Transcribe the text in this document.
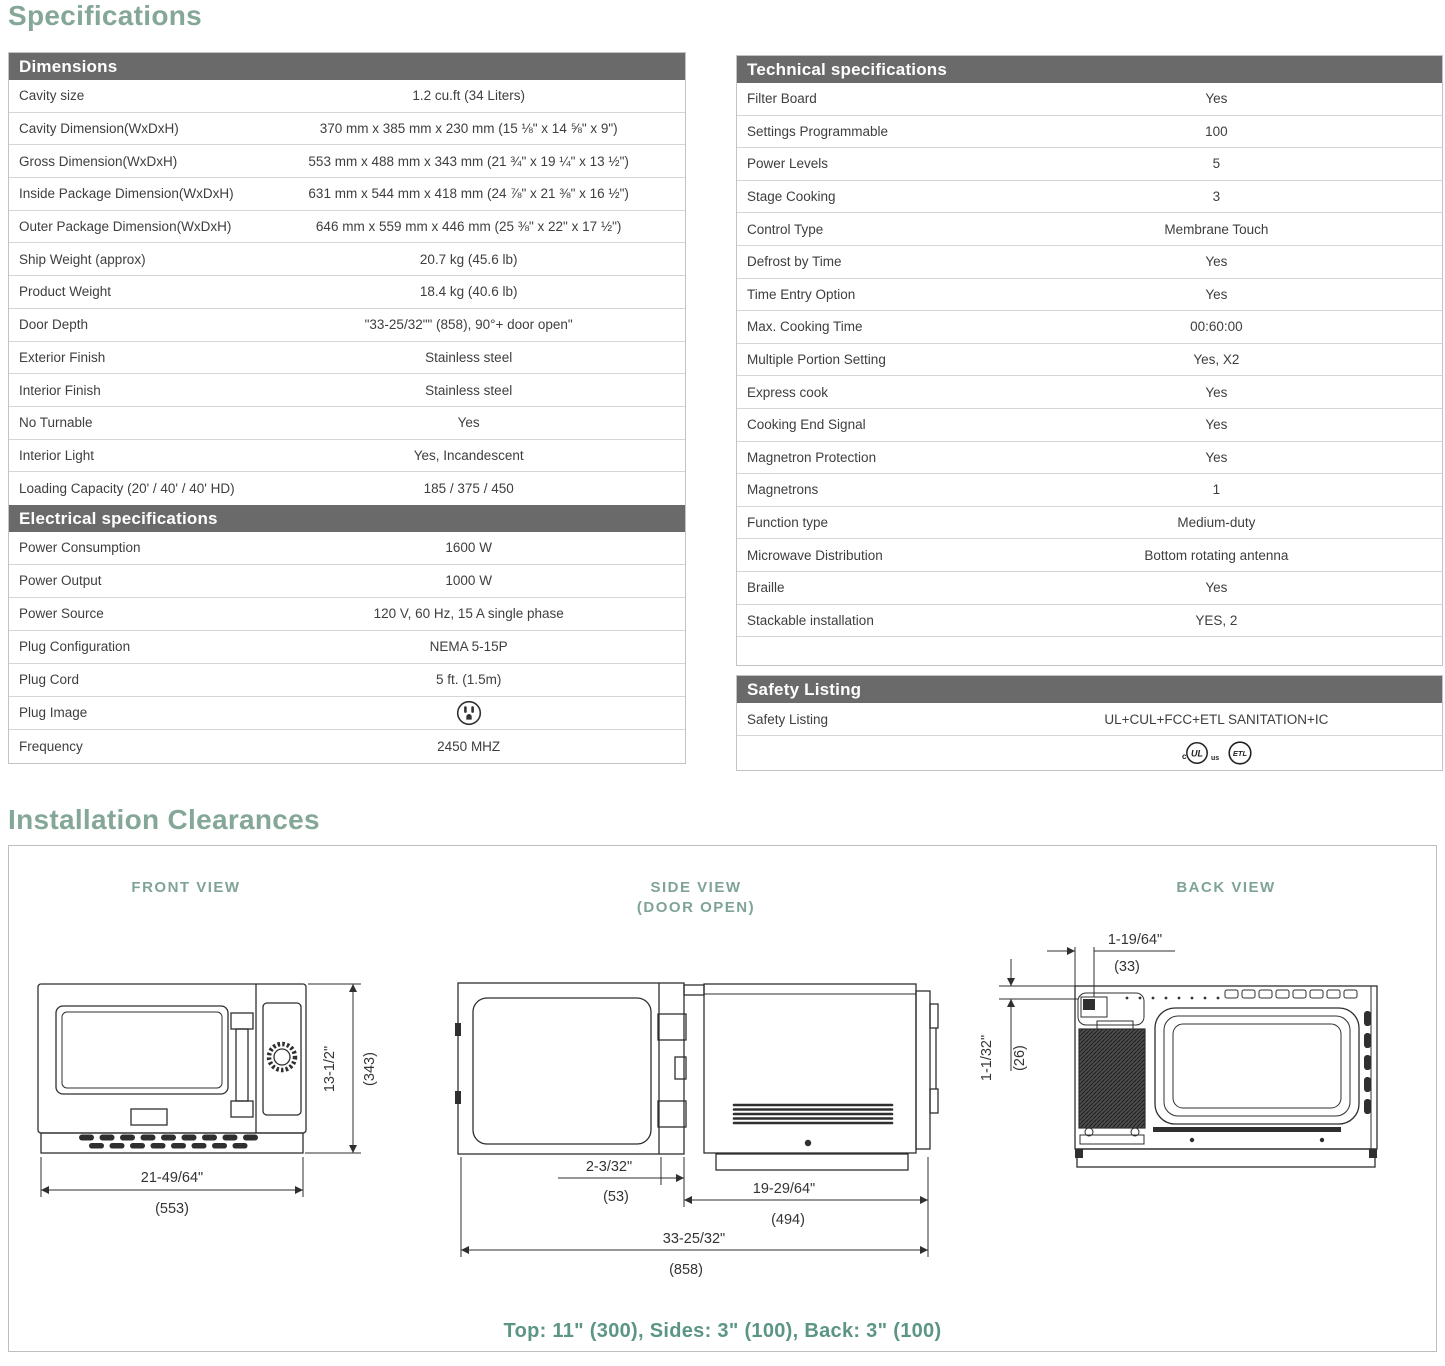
Specifications
Dimensions
Cavity size	1.2 cu.ft (34 Liters)
Cavity Dimension(WxDxH)	370 mm x 385 mm x 230 mm (15 ⅛" x 14 ⅝" x 9")
Gross Dimension(WxDxH)	553 mm x 488 mm x 343 mm (21 ¾" x 19 ¼" x 13 ½")
Inside Package Dimension(WxDxH)	631 mm x 544 mm x 418 mm (24 ⅞" x 21 ⅜" x 16 ½")
Outer Package Dimension(WxDxH)	646 mm x 559 mm x 446 mm (25 ⅜" x 22" x 17 ½")
Ship Weight (approx)	20.7 kg (45.6 lb)
Product Weight	18.4 kg (40.6 lb)
Door Depth	"33-25/32"" (858), 90°+ door open"
Exterior Finish	Stainless steel
Interior Finish	Stainless steel
No Turnable	Yes
Interior Light	Yes, Incandescent
Loading Capacity (20' / 40' / 40' HD)	185 / 375 / 450
Electrical specifications
Power Consumption	1600 W
Power Output	1000 W
Power Source	120 V, 60 Hz, 15 A single phase
Plug Configuration	NEMA 5-15P
Plug Cord	5 ft. (1.5m)
Plug Image
Frequency	2450 MHZ
Technical specifications
Filter Board	Yes
Settings Programmable	100
Power Levels	5
Stage Cooking	3
Control Type	Membrane Touch
Defrost by Time	Yes
Time Entry Option	Yes
Max. Cooking Time	00:60:00
Multiple Portion Setting	Yes, X2
Express cook	Yes
Cooking End Signal	Yes
Magnetron Protection	Yes
Magnetrons	1
Function type	Medium-duty
Microwave Distribution	Bottom rotating antenna
Braille	Yes
Stackable installation	YES, 2
Safety Listing
Safety Listing	UL+CUL+FCC+ETL SANITATION+IC
c UL us
ETL
Installation Clearances
FRONT VIEW	SIDE VIEW
(DOOR OPEN)
BACK VIEW
13-1/2" (343)
21-49/64"
(553)
2-3/32"
(53)	19-29/64"
(494)
33-25/32"
(858)
1-19/64"
(33)
1-1/32" (26)
Top: 11" (300), Sides: 3" (100), Back: 3" (100)
